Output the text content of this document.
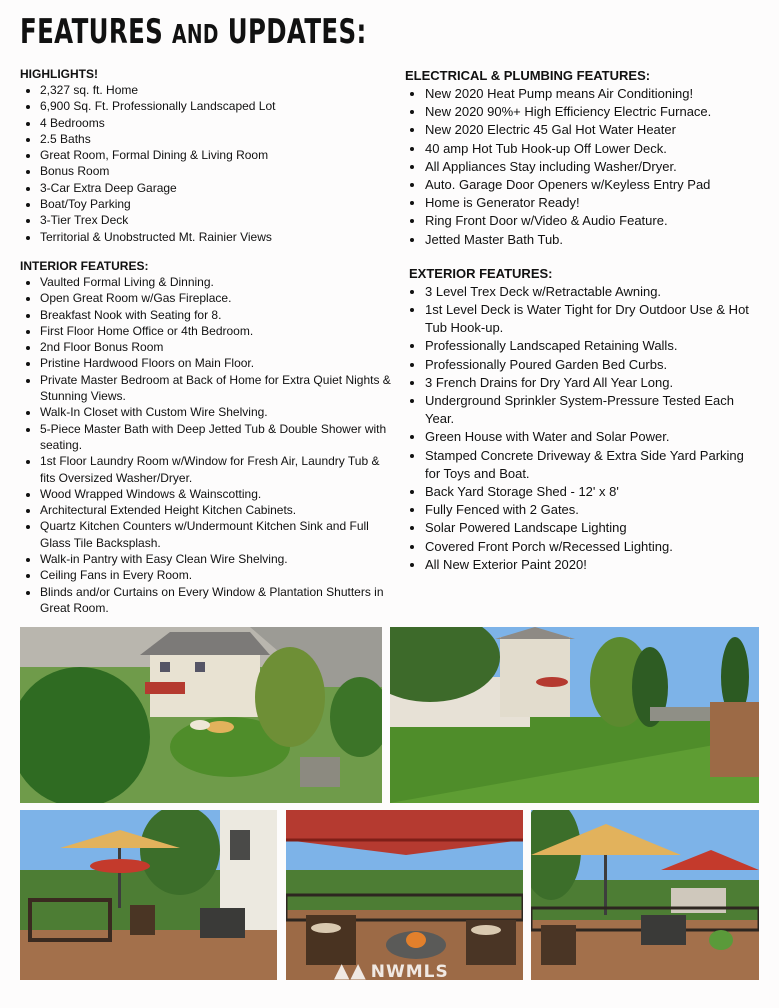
FEATURES AND UPDATES:

HIGHLIGHTS!

• 2,327 sq. ft. Home
• 6,900 Sq. Ft. Professionally Landscaped Lot
• 4 Bedrooms
• 2.5 Baths
• Great Room, Formal Dining & Living Room
• Bonus Room
• 3-Car Extra Deep Garage
• Boat/Toy Parking
• 3-Tier Trex Deck
• Territorial & Unobstructed Mt. Rainier Views

INTERIOR FEATURES:

• Vaulted Formal Living & Dinning.
• Open Great Room w/Gas Fireplace.
• Breakfast Nook with Seating for 8.
• First Floor Home Office or 4th Bedroom.
• 2nd Floor Bonus Room
• Pristine Hardwood Floors on Main Floor.
• Private Master Bedroom at Back of Home for Extra Quiet Nights & Stunning Views.
• Walk-In Closet with Custom Wire Shelving.
• 5-Piece Master Bath with Deep Jetted Tub & Double Shower with seating.
• 1st Floor Laundry Room w/Window for Fresh Air, Laundry Tub & fits Oversized Washer/Dryer.
• Wood Wrapped Windows & Wainscotting.
• Architectural Extended Height Kitchen Cabinets.
• Quartz Kitchen Counters w/Undermount Kitchen Sink and Full Glass Tile Backsplash.
• Walk-in Pantry with Easy Clean Wire Shelving.
• Ceiling Fans in Every Room.
• Blinds and/or Curtains on Every Window & Plantation Shutters in Great Room.

ELECTRICAL & PLUMBING FEATURES:

• New 2020 Heat Pump means Air Conditioning!
• New 2020 90%+ High Efficiency Electric Furnace.
• New 2020 Electric 45 Gal Hot Water Heater
• 40 amp Hot Tub Hook-up Off Lower Deck.
• All Appliances Stay including Washer/Dryer.
• Auto. Garage Door Openers w/Keyless Entry Pad
• Home is Generator Ready!
• Ring Front Door w/Video & Audio Feature.
• Jetted Master Bath Tub.

EXTERIOR FEATURES:

• 3 Level Trex Deck w/Retractable Awning.
• 1st Level Deck is Water Tight for Dry Outdoor Use & Hot Tub Hook-up.
• Professionally Landscaped Retaining Walls.
• Professionally Poured Garden Bed Curbs.
• 3 French Drains for Dry Yard All Year Long.
• Underground Sprinkler System-Pressure Tested Each Year.
• Green House with Water and Solar Power.
• Stamped Concrete Driveway & Extra Side Yard Parking for Toys and Boat.
• Back Yard Storage Shed - 12' x 8'
• Fully Fenced with 2 Gates.
• Solar Powered Landscape Lighting
• Covered Front Porch w/Recessed Lighting.
• All New Exterior Paint 2020!
▲▲ NWMLS
